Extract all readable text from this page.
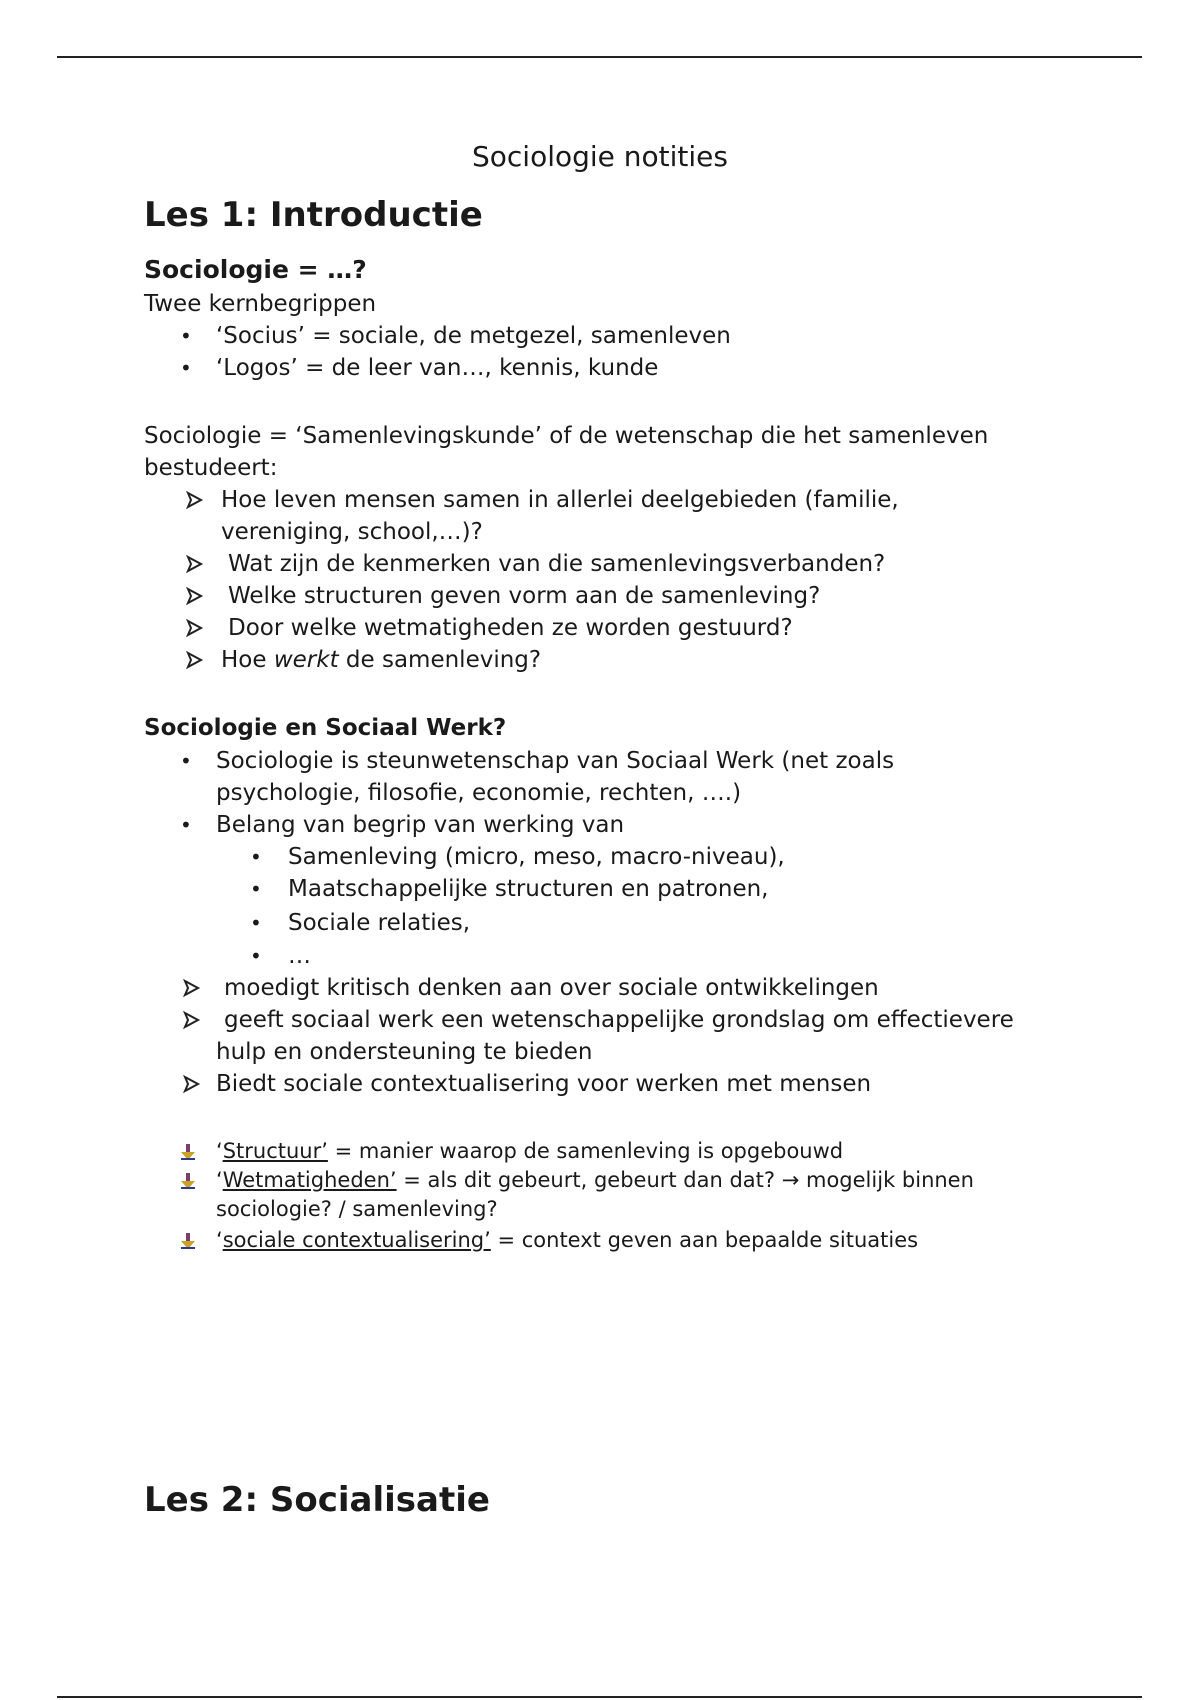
Sociologie notities
Les 1: Introductie
Sociologie = …?
Twee kernbegrippen
• ‘Socius’ = sociale, de metgezel, samenleven
• ‘Logos’ = de leer van…, kennis, kunde
Sociologie = ‘Samenlevingskunde’ of de wetenschap die het samenleven
bestudeert:
Hoe leven mensen samen in allerlei deelgebieden (familie,
vereniging, school,…)?
Wat zijn de kenmerken van die samenlevingsverbanden?
Welke structuren geven vorm aan de samenleving?
Door welke wetmatigheden ze worden gestuurd?
Hoe werkt de samenleving?
Sociologie en Sociaal Werk?
• Sociologie is steunwetenschap van Sociaal Werk (net zoals
psychologie, filosofie, economie, rechten, ….)
• Belang van begrip van werking van
• Samenleving (micro, meso, macro-niveau),
• Maatschappelijke structuren en patronen,
• Sociale relaties,
• …
moedigt kritisch denken aan over sociale ontwikkelingen
geeft sociaal werk een wetenschappelijke grondslag om effectievere
hulp en ondersteuning te bieden
Biedt sociale contextualisering voor werken met mensen
‘Structuur’ = manier waarop de samenleving is opgebouwd
‘Wetmatigheden’ = als dit gebeurt, gebeurt dan dat? → mogelijk binnen
sociologie? / samenleving?
‘sociale contextualisering’ = context geven aan bepaalde situaties
Les 2: Socialisatie
